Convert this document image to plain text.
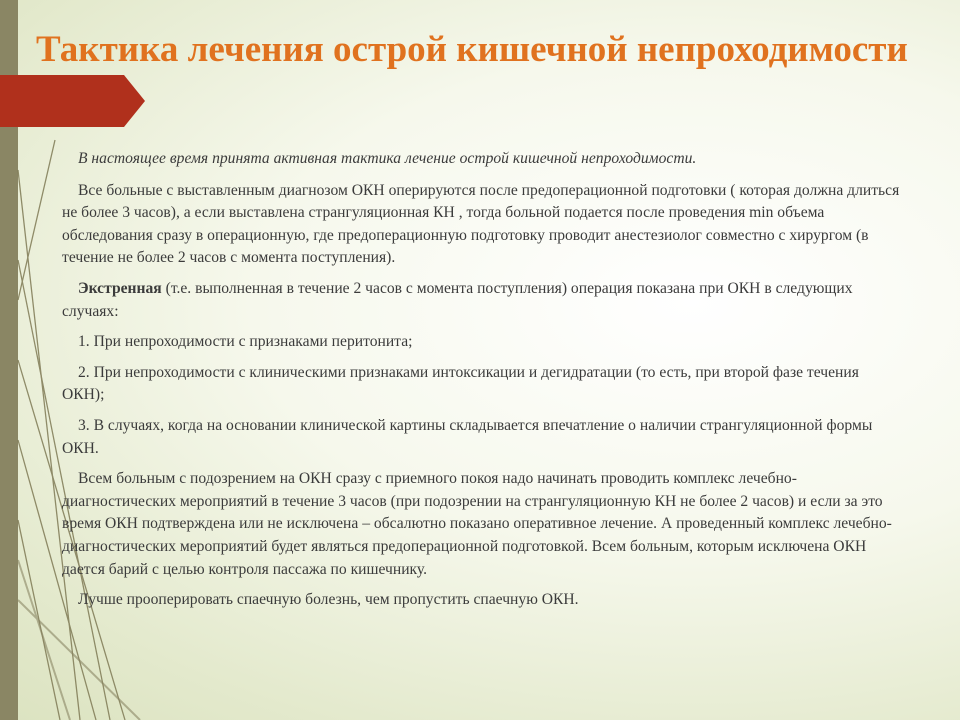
Тактика лечения острой кишечной непроходимости

В настоящее время принята активная тактика лечение острой кишечной непроходимости.

Все больные с выставленным диагнозом ОКН оперируются после предоперационной подготовки ( которая должна длиться не более 3 часов), а если выставлена странгуляционная КН , тогда больной подается после проведения min объема обследования сразу в операционную, где предоперационную подготовку проводит анестезиолог совместно с хирургом (в течение не более 2 часов с момента поступления).

Экстренная (т.е. выполненная в течение 2 часов с момента поступления) операция показана при ОКН в следующих случаях:

1. При непроходимости с признаками перитонита;

2. При непроходимости с клиническими признаками интоксикации и дегидратации (то есть, при второй фазе течения ОКН);

3. В случаях, когда на основании клинической картины складывается впечатление о наличии странгуляционной формы ОКН.

Всем больным с подозрением на ОКН сразу с приемного покоя надо начинать проводить комплекс лечебно-диагностических мероприятий в течение 3 часов (при подозрении на странгуляционную КН не более 2 часов) и если за это время ОКН подтверждена или не исключена – обсалютно показано оперативное лечение. А проведенный комплекс лечебно-диагностических мероприятий будет являться предоперационной подготовкой. Всем больным, которым исключена ОКН дается барий с целью контроля пассажа по кишечнику.

Лучше прооперировать спаечную болезнь, чем пропустить спаечную ОКН.
